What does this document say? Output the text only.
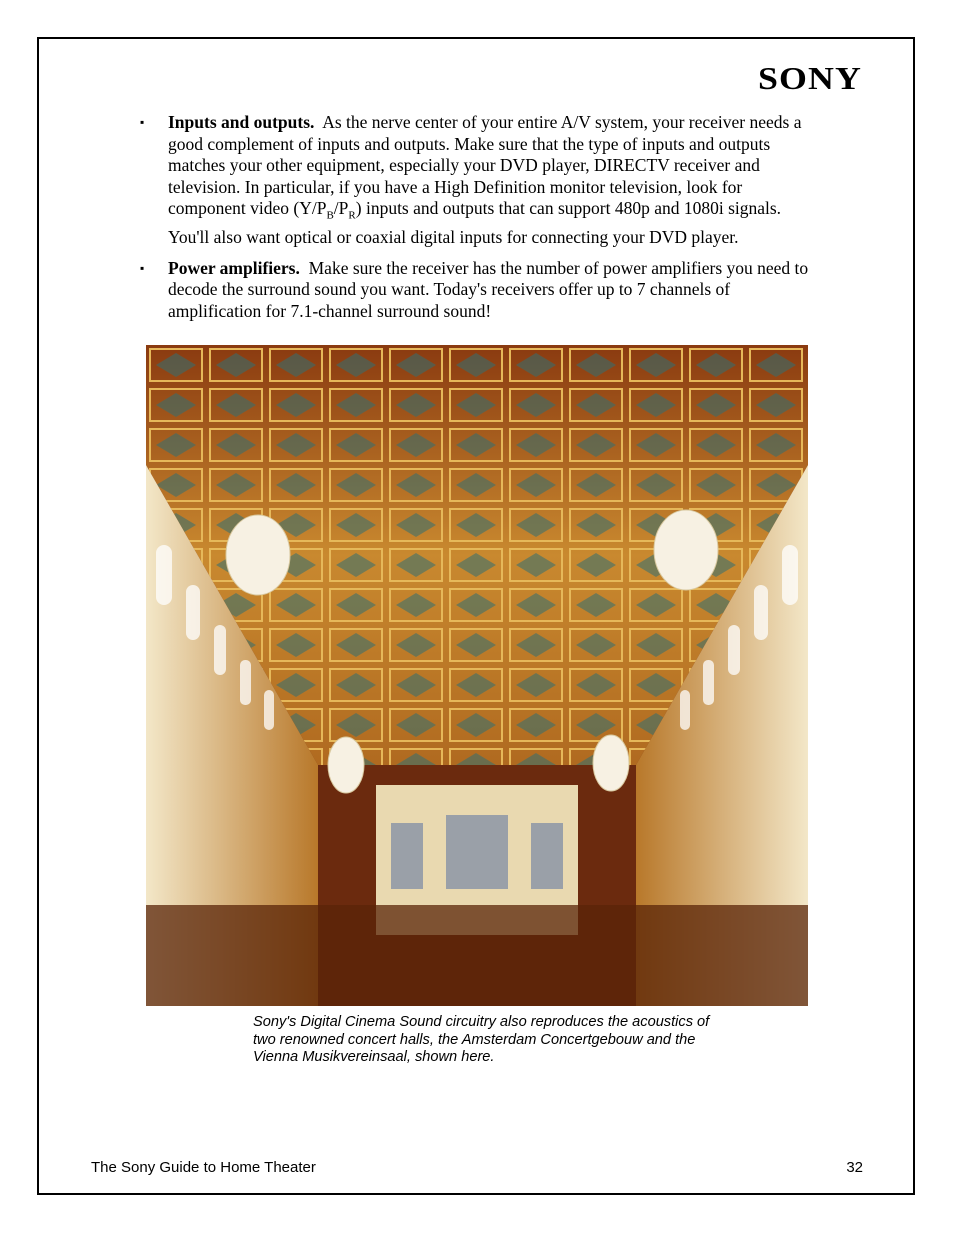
SONY
▪ Inputs and outputs. As the nerve center of your entire A/V system, your receiver needs a good complement of inputs and outputs. Make sure that the type of inputs and outputs matches your other equipment, especially your DVD player, DIRECTV receiver and television. In particular, if you have a High Definition monitor television, look for component video $(Y/P_B/P_R)$ inputs and outputs that can support 480p and 1080i signals. You'll also want optical or coaxial digital inputs for connecting your DVD player.
▪ Power amplifiers. Make sure the receiver has the number of power amplifiers you need to decode the surround sound you want. Today's receivers offer up to 7 channels of amplification for 7.1-channel surround sound!
Sony's Digital Cinema Sound circuitry also reproduces the acoustics of two renowned concert halls, the Amsterdam Concertgebouw and the Vienna Musikvereinsaal, shown here.
The Sony Guide to Home Theater	32
